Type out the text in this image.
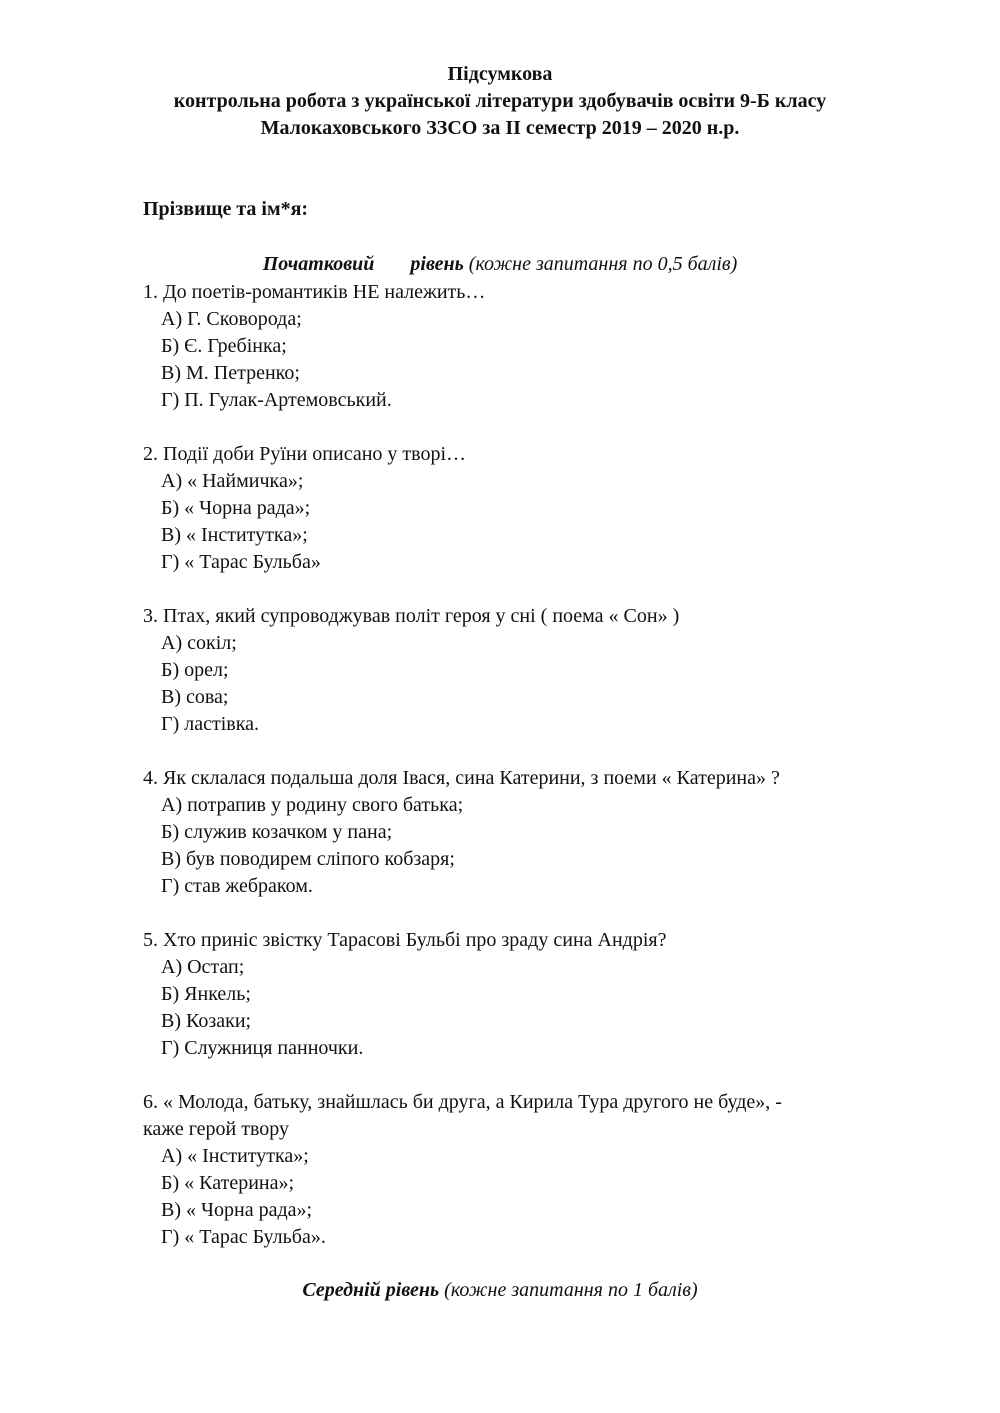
Підсумкова
контрольна робота з української літератури здобувачів освіти 9-Б класу
Малокаховського ЗЗСО за ІІ семестр 2019 – 2020 н.р.
Прізвище та ім*я:
Початковий рівень (кожне запитання по 0,5 балів)
1. До поетів-романтиків НЕ належить…
А) Г. Сковорода;
Б) Є. Гребінка;
В) М. Петренко;
Г) П. Гулак-Артемовський.
2. Події доби Руїни описано у творі…
А) « Наймичка»;
Б) « Чорна рада»;
В) « Інститутка»;
Г) « Тарас Бульба»
3. Птах, який супроводжував політ героя у сні ( поема « Сон» )
А) сокіл;
Б) орел;
В) сова;
Г) ластівка.
4. Як склалася подальша доля Івася, сина Катерини, з поеми « Катерина» ?
А) потрапив у родину свого батька;
Б) служив козачком у пана;
В) був поводирем сліпого кобзаря;
Г) став жебраком.
5. Хто приніс звістку Тарасові Бульбі про зраду сина Андрія?
А) Остап;
Б) Янкель;
В) Козаки;
Г) Служниця панночки.
6. « Молода, батьку, знайшлась би друга, а Кирила Тура другого не буде», -
каже герой твору
А) « Інститутка»;
Б) « Катерина»;
В) « Чорна рада»;
Г) « Тарас Бульба».
Середній рівень (кожне запитання по 1 балів)
